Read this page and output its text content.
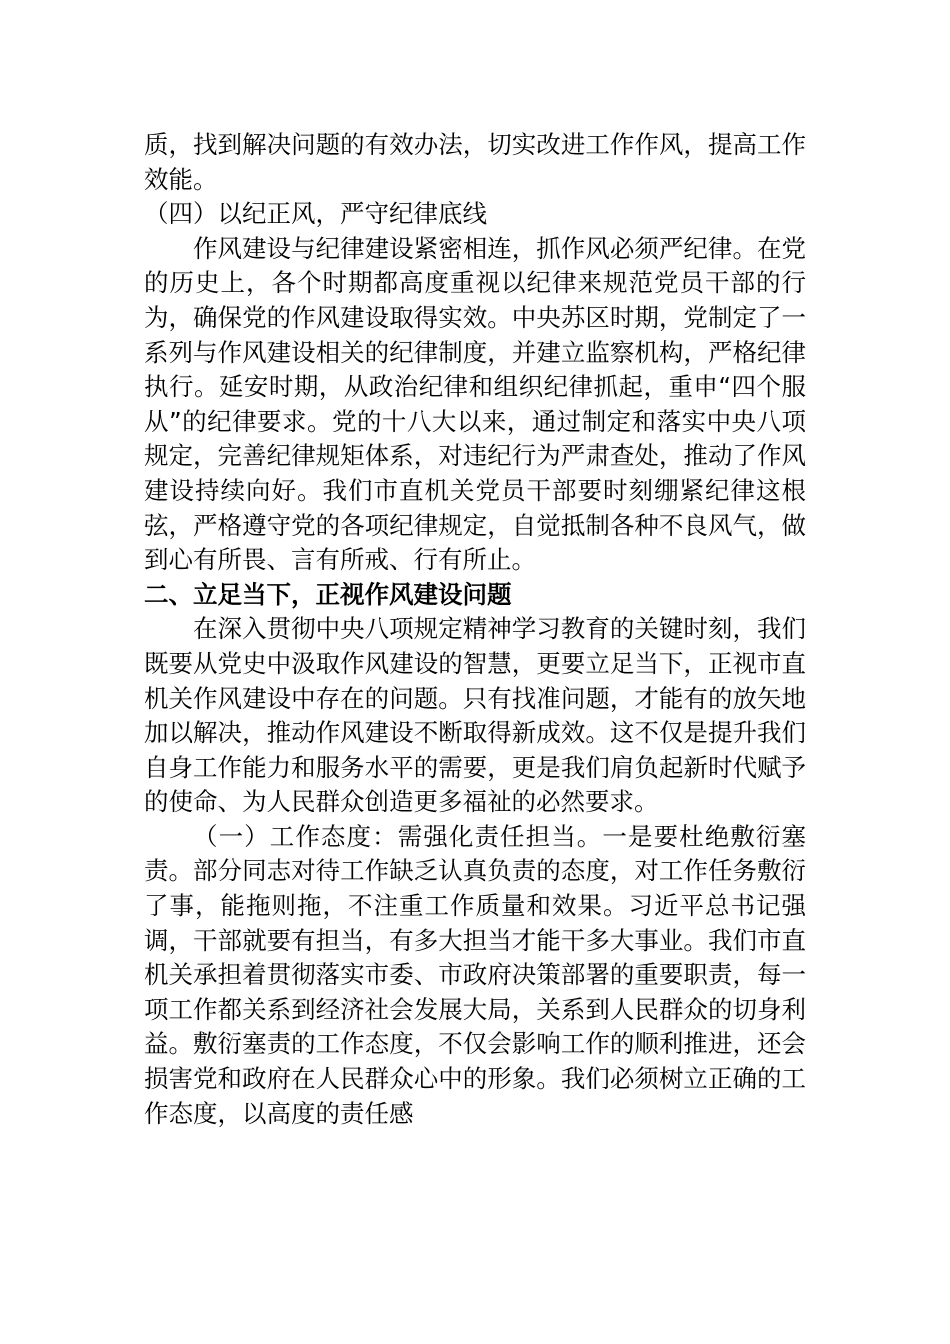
质，找到解决问题的有效办法，切实改进工作作风，提高工作效能。

（四）以纪正风，严守纪律底线

作风建设与纪律建设紧密相连，抓作风必须严纪律。在党的历史上，各个时期都高度重视以纪律来规范党员干部的行为，确保党的作风建设取得实效。中央苏区时期，党制定了一系列与作风建设相关的纪律制度，并建立监察机构，严格纪律执行。延安时期，从政治纪律和组织纪律抓起，重申“四个服从”的纪律要求。党的十八大以来，通过制定和落实中央八项规定，完善纪律规矩体系，对违纪行为严肃查处，推动了作风建设持续向好。我们市直机关党员干部要时刻绷紧纪律这根弦，严格遵守党的各项纪律规定，自觉抵制各种不良风气，做到心有所畏、言有所戒、行有所止。

二、立足当下，正视作风建设问题

在深入贯彻中央八项规定精神学习教育的关键时刻，我们既要从党史中汲取作风建设的智慧，更要立足当下，正视市直机关作风建设中存在的问题。只有找准问题，才能有的放矢地加以解决，推动作风建设不断取得新成效。这不仅是提升我们自身工作能力和服务水平的需要，更是我们肩负起新时代赋予的使命、为人民群众创造更多福祉的必然要求。

（一）工作态度：需强化责任担当。一是要杜绝敷衍塞责。部分同志对待工作缺乏认真负责的态度，对工作任务敷衍了事，能拖则拖，不注重工作质量和效果。习近平总书记强调，干部就要有担当，有多大担当才能干多大事业。我们市直机关承担着贯彻落实市委、市政府决策部署的重要职责，每一项工作都关系到经济社会发展大局，关系到人民群众的切身利益。敷衍塞责的工作态度，不仅会影响工作的顺利推进，还会损害党和政府在人民群众心中的形象。我们必须树立正确的工作态度，以高度的责任感
